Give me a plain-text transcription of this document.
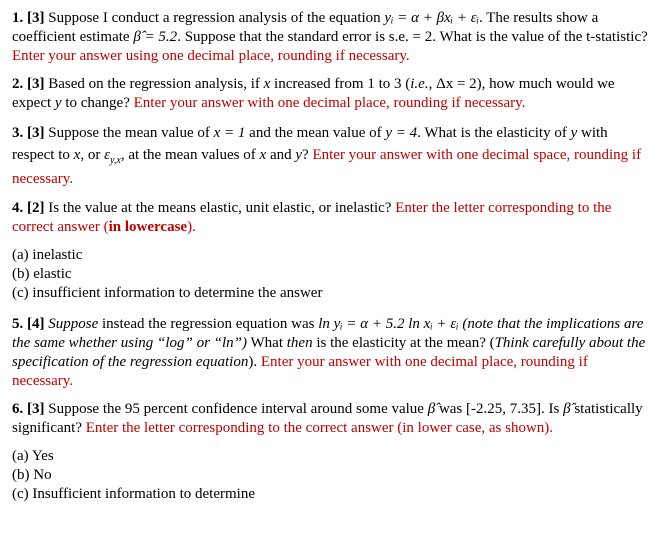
1. [3] Suppose I conduct a regression analysis of the equation yᵢ = α + βxᵢ + εᵢ. The results show a coefficient estimate β̂ = 5.2. Suppose that the standard error is s.e. = 2. What is the value of the t-statistic? Enter your answer using one decimal place, rounding if necessary.

2. [3] Based on the regression analysis, if x increased from 1 to 3 (i.e., Δx = 2), how much would we expect y to change? Enter your answer with one decimal place, rounding if necessary.

3. [3] Suppose the mean value of x = 1 and the mean value of y = 4. What is the elasticity of y with respect to x, or $\varepsilon_{y,x}$, at the mean values of x and y? Enter your answer with one decimal space, rounding if necessary.

4. [2] Is the value at the means elastic, unit elastic, or inelastic? Enter the letter corresponding to the correct answer (in lowercase).

(a) inelastic
(b) elastic
(c) insufficient information to determine the answer

5. [4] Suppose instead the regression equation was ln yᵢ = α + 5.2 ln xᵢ + εᵢ (note that the implications are the same whether using “log” or “ln”) What then is the elasticity at the mean? (Think carefully about the specification of the regression equation). Enter your answer with one decimal place, rounding if necessary.

6. [3] Suppose the 95 percent confidence interval around some value β̂ was [-2.25, 7.35]. Is β̂ statistically significant? Enter the letter corresponding to the correct answer (in lower case, as shown).

(a) Yes
(b) No
(c) Insufficient information to determine
